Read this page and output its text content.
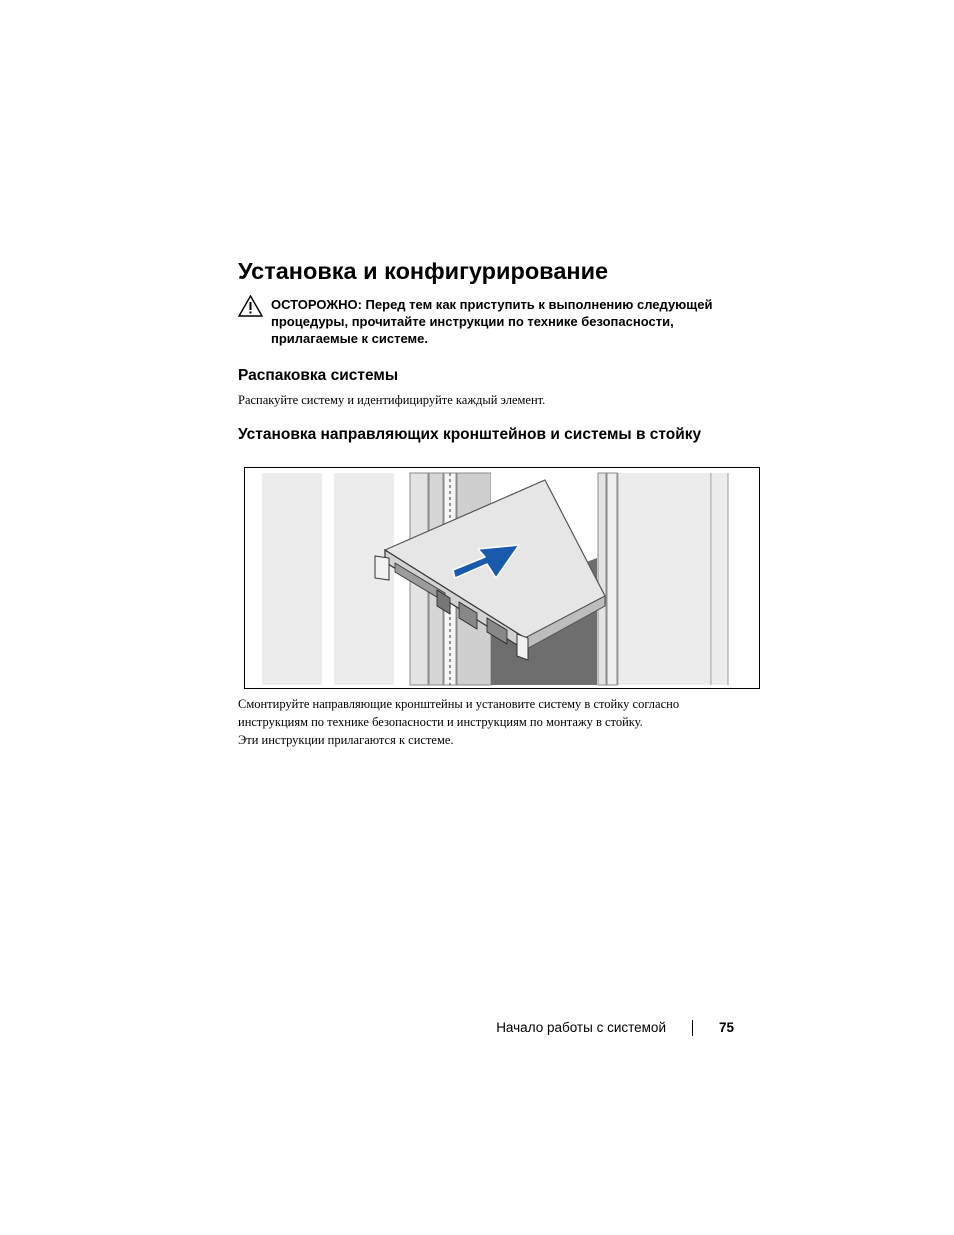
Установка и конфигурирование
ОСТОРОЖНО: Перед тем как приступить к выполнению следующей процедуры, прочитайте инструкции по технике безопасности, прилагаемые к системе.
Распаковка системы

Распакуйте систему и идентифицируйте каждый элемент.

Установка направляющих кронштейнов и системы в стойку

Смонтируйте направляющие кронштейны и установите систему в стойку согласно
инструкциям по технике безопасности и инструкциям по монтажу в стойку.
Эти инструкции прилагаются к системе.

Начало работы с системой	75
